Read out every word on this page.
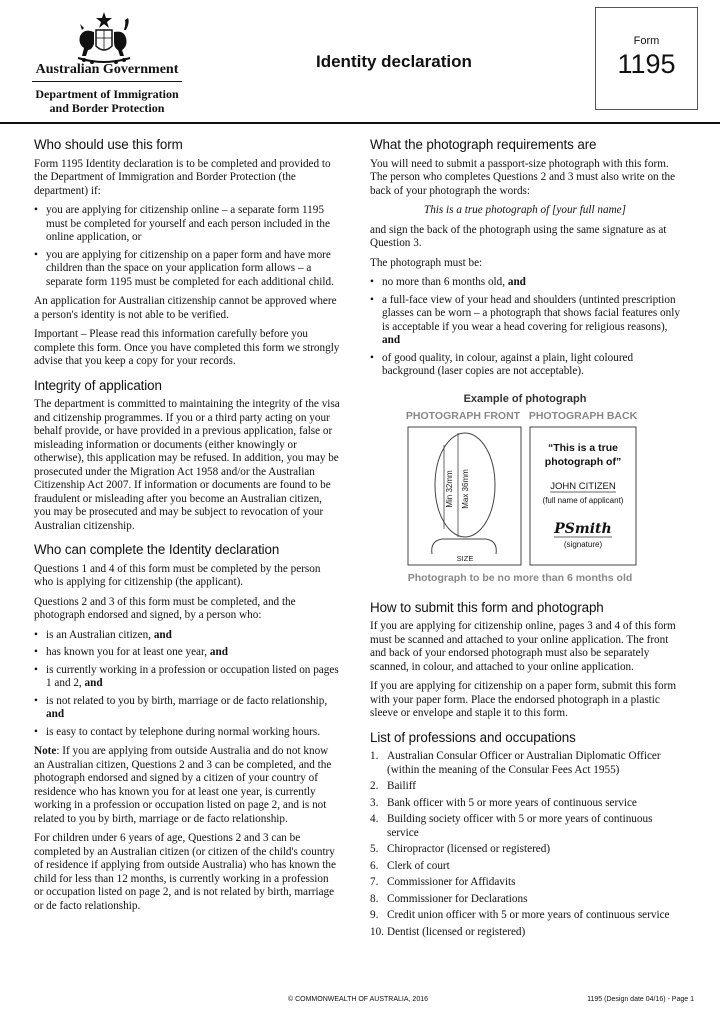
Australian Government
Department of Immigration and Border Protection
Identity declaration
Form
1195
Who should use this form

Form 1195 Identity declaration is to be completed and provided to the Department of Immigration and Border Protection (the department) if:

• you are applying for citizenship online – a separate form 1195 must be completed for yourself and each person included in the online application, or
• you are applying for citizenship on a paper form and have more children than the space on your application form allows – a separate form 1195 must be completed for each additional child.

An application for Australian citizenship cannot be approved where a person's identity is not able to be verified.

Important – Please read this information carefully before you complete this form. Once you have completed this form we strongly advise that you keep a copy for your records.

Integrity of application

The department is committed to maintaining the integrity of the visa and citizenship programmes. If you or a third party acting on your behalf provide, or have provided in a previous application, false or misleading information or documents (either knowingly or otherwise), this application may be refused. In addition, you may be prosecuted under the Migration Act 1958 and/or the Australian Citizenship Act 2007. If information or documents are found to be fraudulent or misleading after you become an Australian citizen, you may be prosecuted and may be subject to revocation of your Australian citizenship.

Who can complete the Identity declaration

Questions 1 and 4 of this form must be completed by the person who is applying for citizenship (the applicant).

Questions 2 and 3 of this form must be completed, and the photograph endorsed and signed, by a person who:

• is an Australian citizen, and
• has known you for at least one year, and
• is currently working in a profession or occupation listed on pages 1 and 2, and
• is not related to you by birth, marriage or de facto relationship, and
• is easy to contact by telephone during normal working hours.

Note: If you are applying from outside Australia and do not know an Australian citizen, Questions 2 and 3 can be completed, and the photograph endorsed and signed by a citizen of your country of residence who has known you for at least one year, is currently working in a profession or occupation listed on page 2, and is not related to you by birth, marriage or de facto relationship.

For children under 6 years of age, Questions 2 and 3 can be completed by an Australian citizen (or citizen of the child's country of residence if applying from outside Australia) who has known the child for less than 12 months, is currently working in a profession or occupation listed on page 2, and is not related by birth, marriage or de facto relationship.

What the photograph requirements are

You will need to submit a passport-size photograph with this form. The person who completes Questions 2 and 3 must also write on the back of your photograph the words:

This is a true photograph of [your full name]

and sign the back of the photograph using the same signature as at Question 3.

The photograph must be:

• no more than 6 months old, and
• a full-face view of your head and shoulders (untinted prescription glasses can be worn – a photograph that shows facial features only is acceptable if you wear a head covering for religious reasons), and
• of good quality, in colour, against a plain, light coloured background (laser copies are not acceptable).
Example of photograph
PHOTOGRAPH FRONT PHOTOGRAPH BACK
Min 32mm Max 36mm
SIZE
“This is a true
photograph of”
JOHN CITIZEN
(full name of applicant)
PSmith
(signature)
Photograph to be no more than 6 months old
How to submit this form and photograph

If you are applying for citizenship online, pages 3 and 4 of this form must be scanned and attached to your online application. The front and back of your endorsed photograph must also be separately scanned, in colour, and attached to your online application.

If you are applying for citizenship on a paper form, submit this form with your paper form. Place the endorsed photograph in a plastic sleeve or envelope and staple it to this form.

List of professions and occupations
1. Australian Consular Officer or Australian Diplomatic Officer (within the meaning of the Consular Fees Act 1955)
2. Bailiff
3. Bank officer with 5 or more years of continuous service
4. Building society officer with 5 or more years of continuous service
5. Chiropractor (licensed or registered)
6. Clerk of court
7. Commissioner for Affidavits
8. Commissioner for Declarations
9. Credit union officer with 5 or more years of continuous service
10. Dentist (licensed or registered)
© COMMONWEALTH OF AUSTRALIA, 2016	1195 (Design date 04/16) - Page 1
